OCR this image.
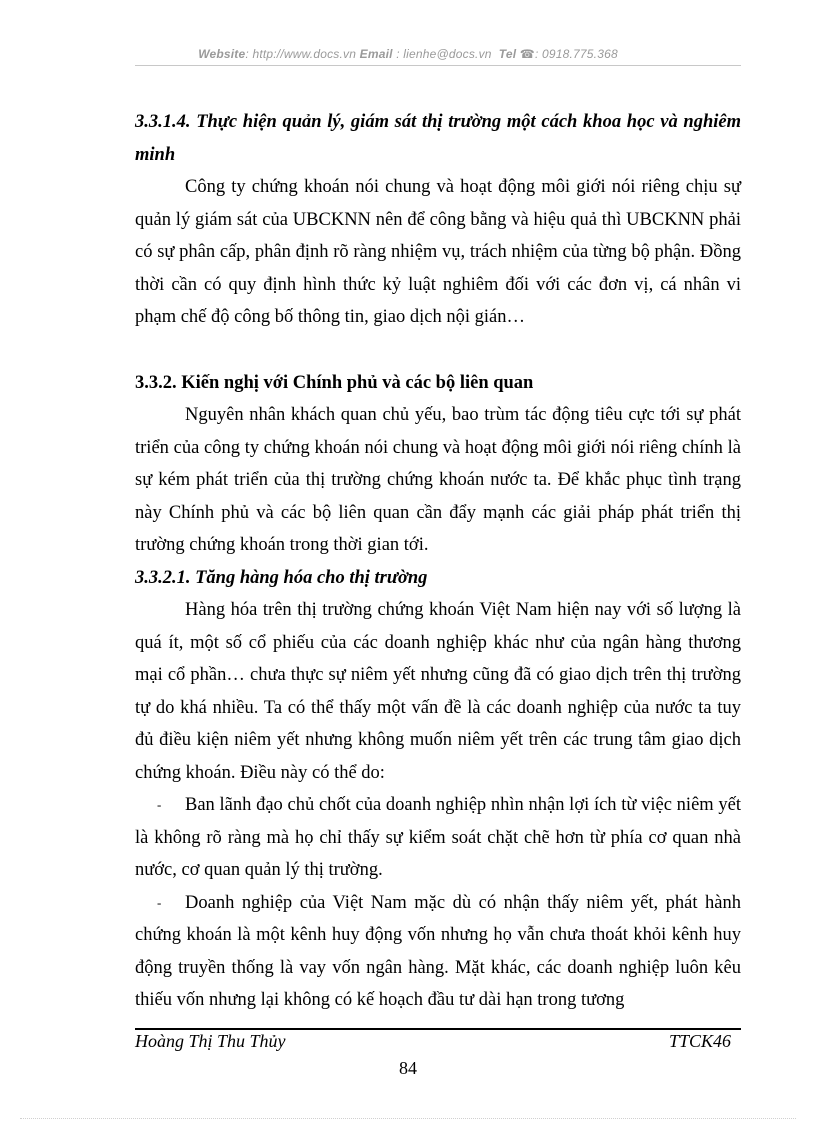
Website: http://www.docs.vn Email : lienhe@docs.vn Tel ☎: 0918.775.368

3.3.1.4. Thực hiện quản lý, giám sát thị trường một cách khoa học và nghiêm minh

Công ty chứng khoán nói chung và hoạt động môi giới nói riêng chịu sự quản lý giám sát của UBCKNN nên để công bằng và hiệu quả thì UBCKNN phải có sự phân cấp, phân định rõ ràng nhiệm vụ, trách nhiệm của từng bộ phận. Đồng thời cần có quy định hình thức kỷ luật nghiêm đối với các đơn vị, cá nhân vi phạm chế độ công bố thông tin, giao dịch nội gián…

3.3.2. Kiến nghị với Chính phủ và các bộ liên quan

Nguyên nhân khách quan chủ yếu, bao trùm tác động tiêu cực tới sự phát triển của công ty chứng khoán nói chung và hoạt động môi giới nói riêng chính là sự kém phát triển của thị trường chứng khoán nước ta. Để khắc phục tình trạng này Chính phủ và các bộ liên quan cần đẩy mạnh các giải pháp phát triển thị trường chứng khoán trong thời gian tới.

3.3.2.1. Tăng hàng hóa cho thị trường

Hàng hóa trên thị trường chứng khoán Việt Nam hiện nay với số lượng là quá ít, một số cổ phiếu của các doanh nghiệp khác như của ngân hàng thương mại cổ phần… chưa thực sự niêm yết nhưng cũng đã có giao dịch trên thị trường tự do khá nhiều. Ta có thể thấy một vấn đề là các doanh nghiệp của nước ta tuy đủ điều kiện niêm yết nhưng không muốn niêm yết trên các trung tâm giao dịch chứng khoán. Điều này có thể do:

- Ban lãnh đạo chủ chốt của doanh nghiệp nhìn nhận lợi ích từ việc niêm yết là không rõ ràng mà họ chỉ thấy sự kiểm soát chặt chẽ hơn từ phía cơ quan nhà nước, cơ quan quản lý thị trường.

- Doanh nghiệp của Việt Nam mặc dù có nhận thấy niêm yết, phát hành chứng khoán là một kênh huy động vốn nhưng họ vẫn chưa thoát khỏi kênh huy động truyền thống là vay vốn ngân hàng. Mặt khác, các doanh nghiệp luôn kêu thiếu vốn nhưng lại không có kế hoạch đầu tư dài hạn trong tương

Hoàng Thị Thu Thủy	TTCK46
84
